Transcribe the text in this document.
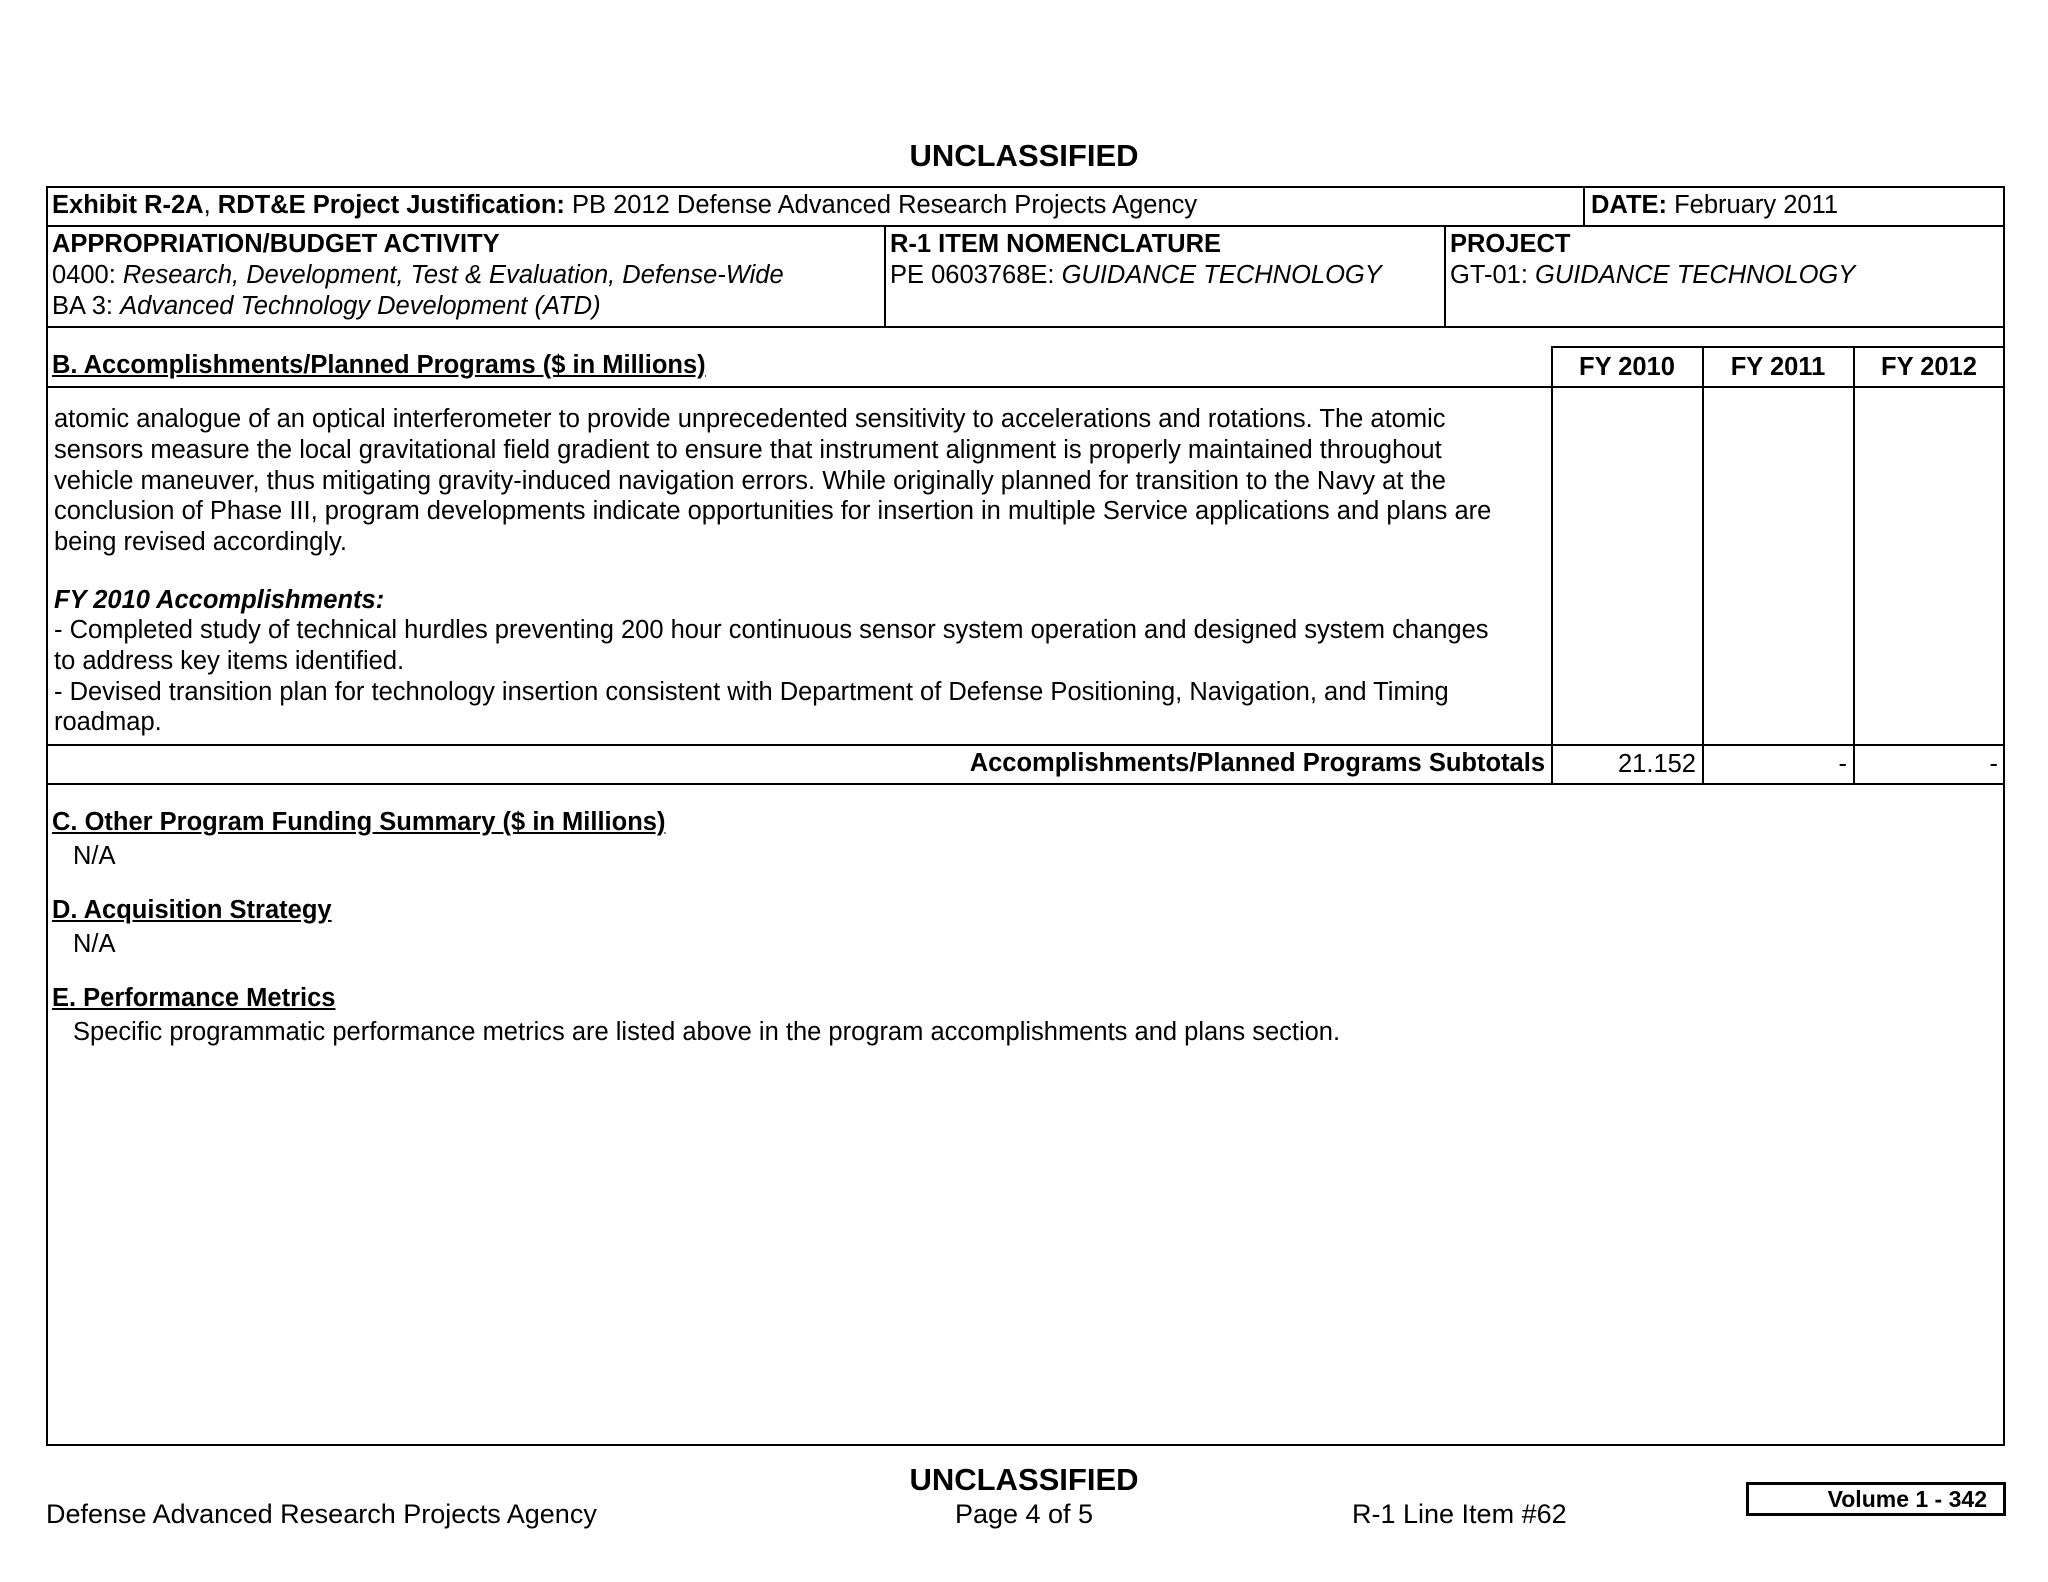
UNCLASSIFIED
Exhibit R-2A, RDT&E Project Justification: PB 2012 Defense Advanced Research Projects Agency	DATE: February 2011
APPROPRIATION/BUDGET ACTIVITY
0400: Research, Development, Test & Evaluation, Defense-Wide
BA 3: Advanced Technology Development (ATD)
R-1 ITEM NOMENCLATURE
PE 0603768E: GUIDANCE TECHNOLOGY
PROJECT
GT-01: GUIDANCE TECHNOLOGY
B. Accomplishments/Planned Programs ($ in Millions)	FY 2010	FY 2011	FY 2012
atomic analogue of an optical interferometer to provide unprecedented sensitivity to accelerations and rotations. The atomic
sensors measure the local gravitational field gradient to ensure that instrument alignment is properly maintained throughout
vehicle maneuver, thus mitigating gravity-induced navigation errors. While originally planned for transition to the Navy at the
conclusion of Phase III, program developments indicate opportunities for insertion in multiple Service applications and plans are
being revised accordingly.
FY 2010 Accomplishments:
- Completed study of technical hurdles preventing 200 hour continuous sensor system operation and designed system changes
to address key items identified.
- Devised transition plan for technology insertion consistent with Department of Defense Positioning, Navigation, and Timing
roadmap.
Accomplishments/Planned Programs Subtotals	21.152	-	-
C. Other Program Funding Summary ($ in Millions)
N/A
D. Acquisition Strategy
N/A
E. Performance Metrics
Specific programmatic performance metrics are listed above in the program accomplishments and plans section.
UNCLASSIFIED
Defense Advanced Research Projects Agency	Page 4 of 5	R-1 Line Item #62	Volume 1 - 342
